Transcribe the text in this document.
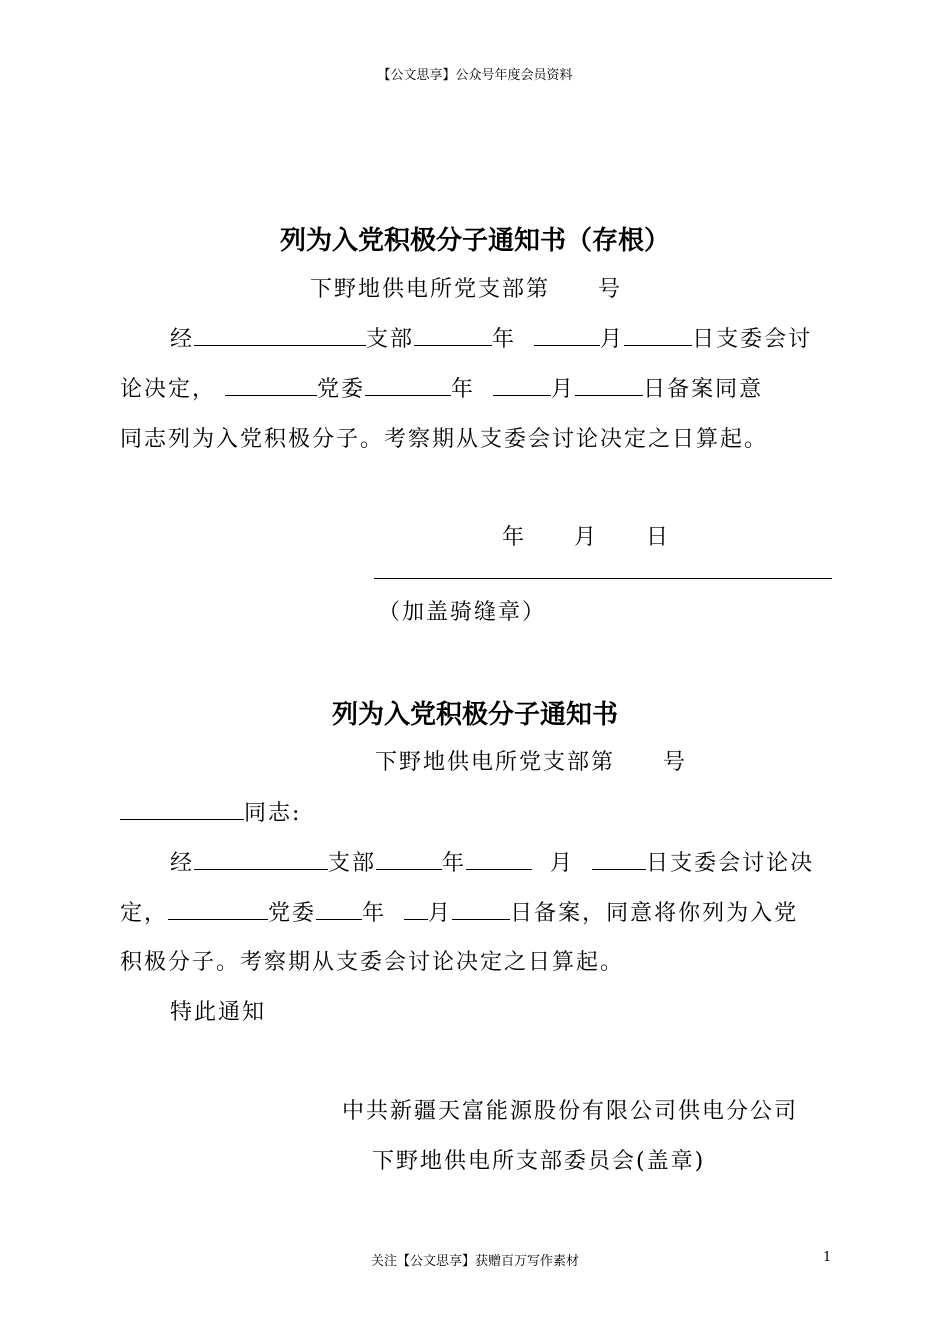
【公文思享】公众号年度会员资料
列为入党积极分子通知书（存根）
下野地供电所党支部第　　号
经	支部	年	月	日支委会讨
论决定，	党委	年	月	日备案同意
同志列为入党积极分子。考察期从支委会讨论决定之日算起。
年　　月　　日
（加盖骑缝章）
列为入党积极分子通知书
下野地供电所党支部第　　号
同志:
经	支部	年	月	日支委会讨论决
定，	党委 年 月	日备案，同意将你列为入党
积极分子。考察期从支委会讨论决定之日算起。
特此通知
中共新疆天富能源股份有限公司供电分公司
下野地供电所支部委员会(盖章)
关注【公文思享】获赠百万写作素材	1
